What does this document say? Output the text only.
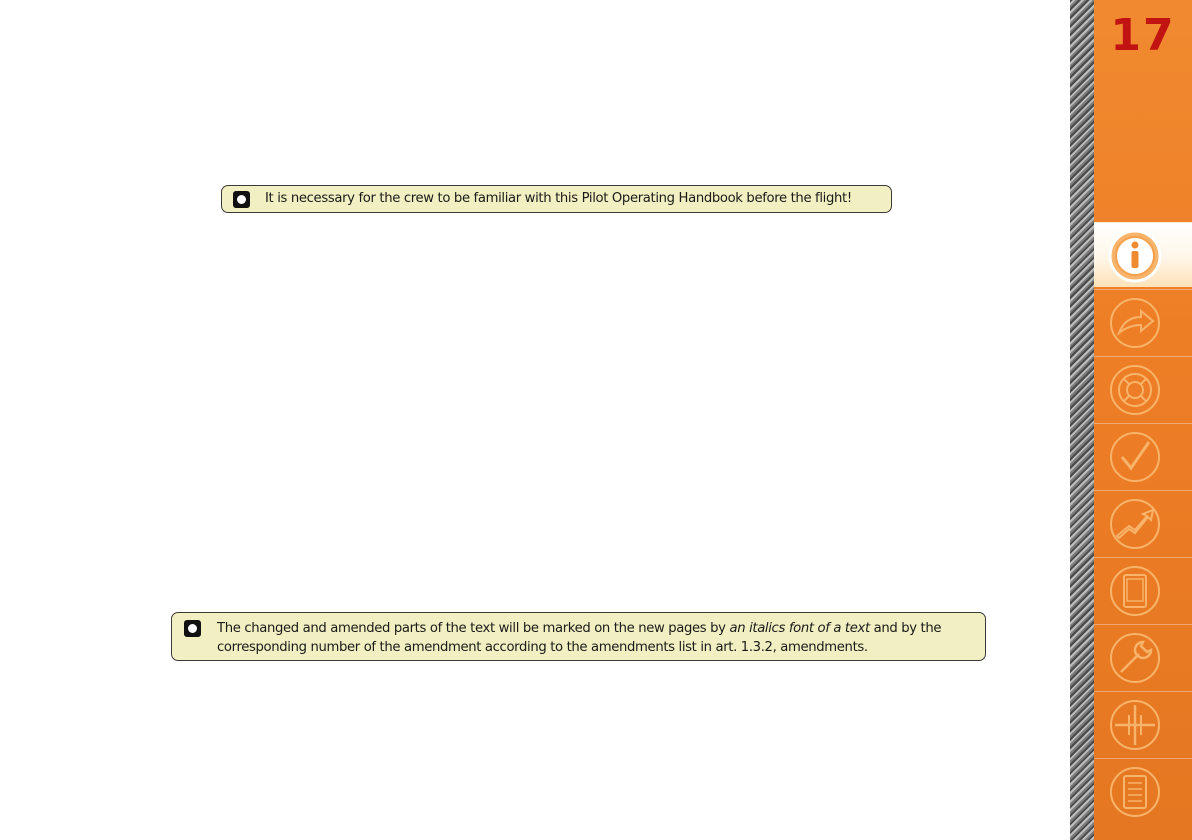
It is necessary for the crew to be familiar with this Pilot Operating Handbook before the flight!
The changed and amended parts of the text will be marked on the new pages by an italics font of a text and by the
corresponding number of the amendment according to the amendments list in art. 1.3.2, amendments.
17
